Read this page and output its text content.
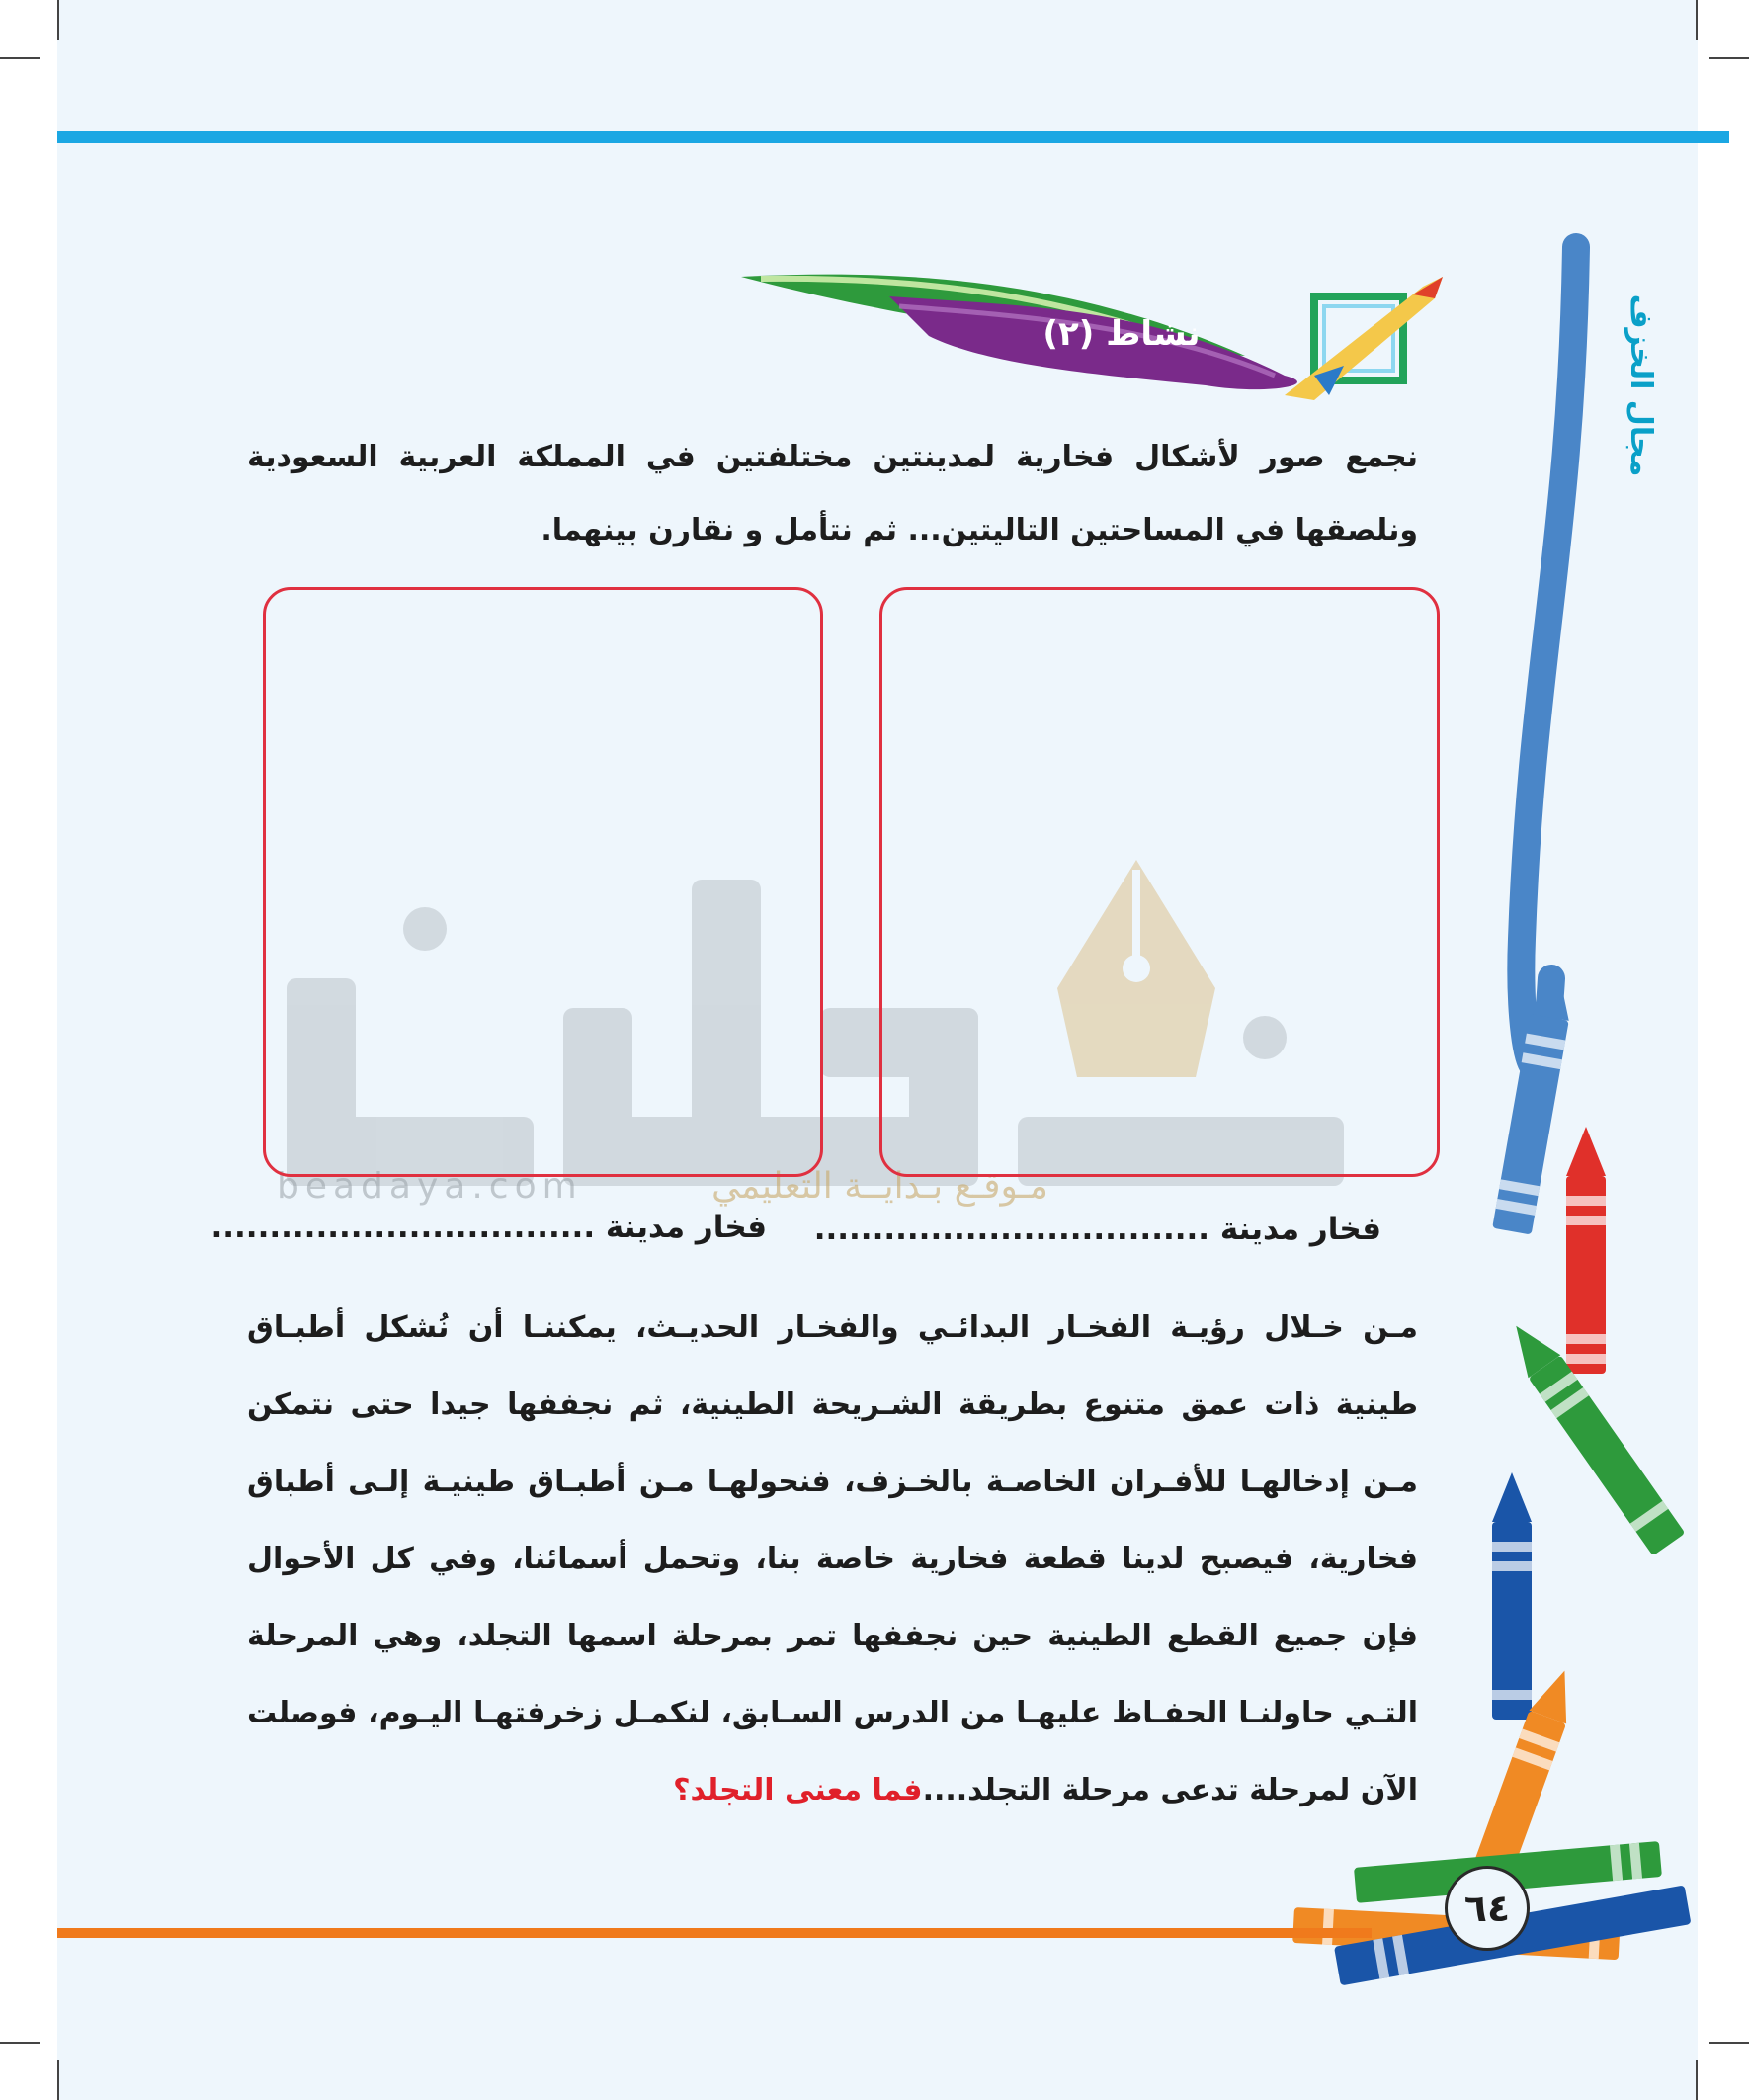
beadaya.com	مـوقـع بـدايــة التعليمي
نشاط (٢)	مجال الخزف
نجمع صور لأشكال فخارية لمدينتين مختلفتين في المملكة العربية السعودية ونلصقها في المساحتين التاليتين... ثم نتأمل و نقارن بينهما.
فخار مدينة ..................................
فخار مدينة .................................
مـن خـلال رؤيـة الفخـار البدائـي والفخـار الحديـث، يمكننـا أن نُشكل أطبـاق طينية ذات عمق متنوع بطريقة الشـريحة الطينية، ثم نجففها جيدا حتى نتمكن مـن إدخالهـا للأفـران الخاصـة بالخـزف، فنحولهـا مـن أطبـاق طينيـة إلـى أطباق فخارية، فيصبح لدينا قطعة فخارية خاصة بنا، وتحمل أسمائنا، وفي كل الأحوال فإن جميع القطع الطينية حين نجففها تمر بمرحلة اسمها التجلد، وهي المرحلة التـي حاولنـا الحفـاظ عليهـا من الدرس السـابق، لنكمـل زخرفتهـا اليـوم، فوصلت الآن لمرحلة تدعى مرحلة التجلد....فما معنى التجلد؟
٦٤
